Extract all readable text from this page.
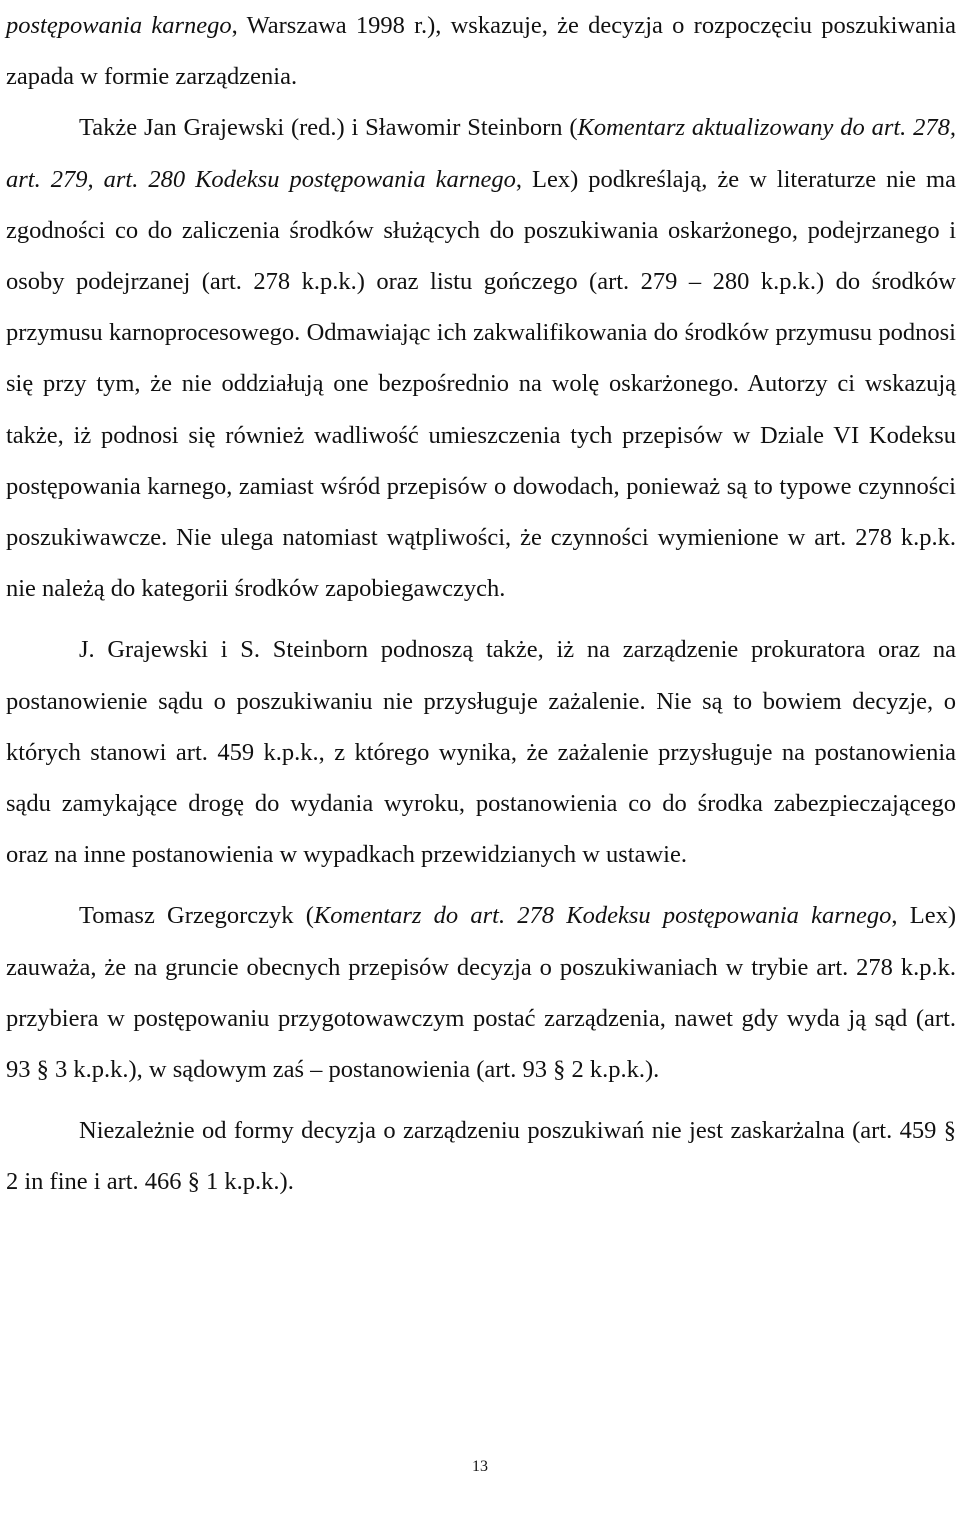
postępowania karnego, Warszawa 1998 r.), wskazuje, że decyzja o rozpoczęciu poszukiwania zapada w formie zarządzenia.

Także Jan Grajewski (red.) i Sławomir Steinborn (Komentarz aktualizowany do art. 278, art. 279, art. 280 Kodeksu postępowania karnego, Lex) podkreślają, że w literaturze nie ma zgodności co do zaliczenia środków służących do poszukiwania oskarżonego, podejrzanego i osoby podejrzanej (art. 278 k.p.k.) oraz listu gończego (art. 279 – 280 k.p.k.) do środków przymusu karnoprocesowego. Odmawiając ich zakwalifikowania do środków przymusu podnosi się przy tym, że nie oddziałują one bezpośrednio na wolę oskarżonego. Autorzy ci wskazują także, iż podnosi się również wadliwość umieszczenia tych przepisów w Dziale VI Kodeksu postępowania karnego, zamiast wśród przepisów o dowodach, ponieważ są to typowe czynności poszukiwawcze. Nie ulega natomiast wątpliwości, że czynności wymienione w art. 278 k.p.k. nie należą do kategorii środków zapobiegawczych.

J. Grajewski i S. Steinborn podnoszą także, iż na zarządzenie prokuratora oraz na postanowienie sądu o poszukiwaniu nie przysługuje zażalenie. Nie są to bowiem decyzje, o których stanowi art. 459 k.p.k., z którego wynika, że zażalenie przysługuje na postanowienia sądu zamykające drogę do wydania wyroku, postanowienia co do środka zabezpieczającego oraz na inne postanowienia w wypadkach przewidzianych w ustawie.

Tomasz Grzegorczyk (Komentarz do art. 278 Kodeksu postępowania karnego, Lex) zauważa, że na gruncie obecnych przepisów decyzja o poszukiwaniach w trybie art. 278 k.p.k. przybiera w postępowaniu przygotowawczym postać zarządzenia, nawet gdy wyda ją sąd (art. 93 § 3 k.p.k.), w sądowym zaś – postanowienia (art. 93 § 2 k.p.k.).

Niezależnie od formy decyzja o zarządzeniu poszukiwań nie jest zaskarżalna (art. 459 § 2 in fine i art. 466 § 1 k.p.k.).

13
